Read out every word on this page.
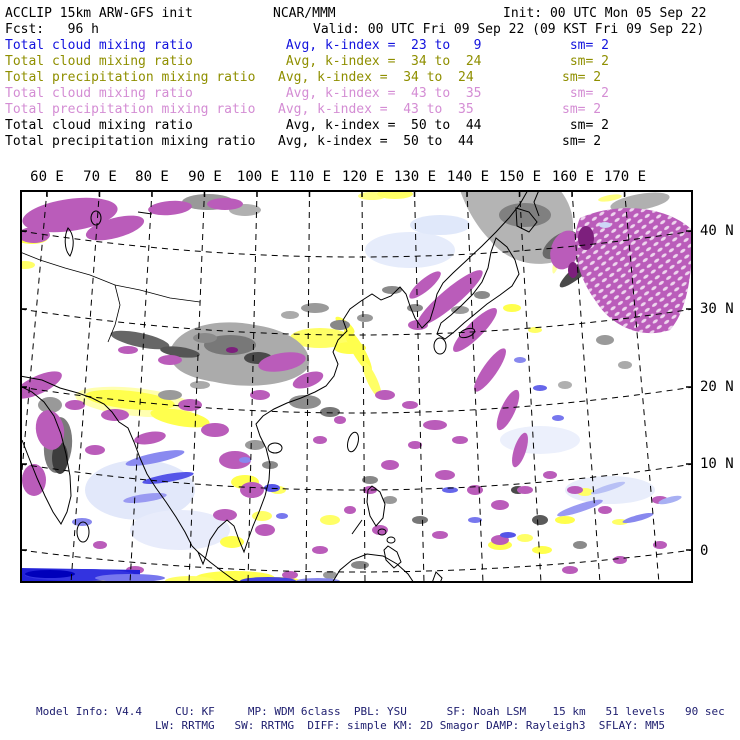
ACCLIP 15km ARW-GFS init	NCAR/MMM	Init: 00 UTC Mon 05 Sep 22
Fcst:   96 h	Valid: 00 UTC Fri 09 Sep 22 (09 KST Fri 09 Sep 22)
Total cloud mixing ratio	Avg, k-index =  23 to   9	sm= 2
Total cloud mixing ratio	Avg, k-index =  34 to  24	sm= 2
Total precipitation mixing ratio Avg, k-index =  34 to  24	sm= 2
Total cloud mixing ratio	Avg, k-index =  43 to  35	sm= 2
Total precipitation mixing ratio Avg, k-index =  43 to  35	sm= 2
Total cloud mixing ratio	Avg, k-index =  50 to  44	sm= 2
Total precipitation mixing ratio Avg, k-index =  50 to  44	sm= 2
60 E 70 E 80 E 90 E 100 E 110 E 120 E 130 E 140 E 150 E 160 E 170 E
40 N
30 N
20 N
10 N
0
Model Info: V4.4     CU: KF     MP: WDM 6class  PBL: YSU      SF: Noah LSM    15 km   51 levels   90 sec
LW: RRTMG   SW: RRTMG  DIFF: simple KM: 2D Smagor DAMP: Rayleigh3  SFLAY: MM5
